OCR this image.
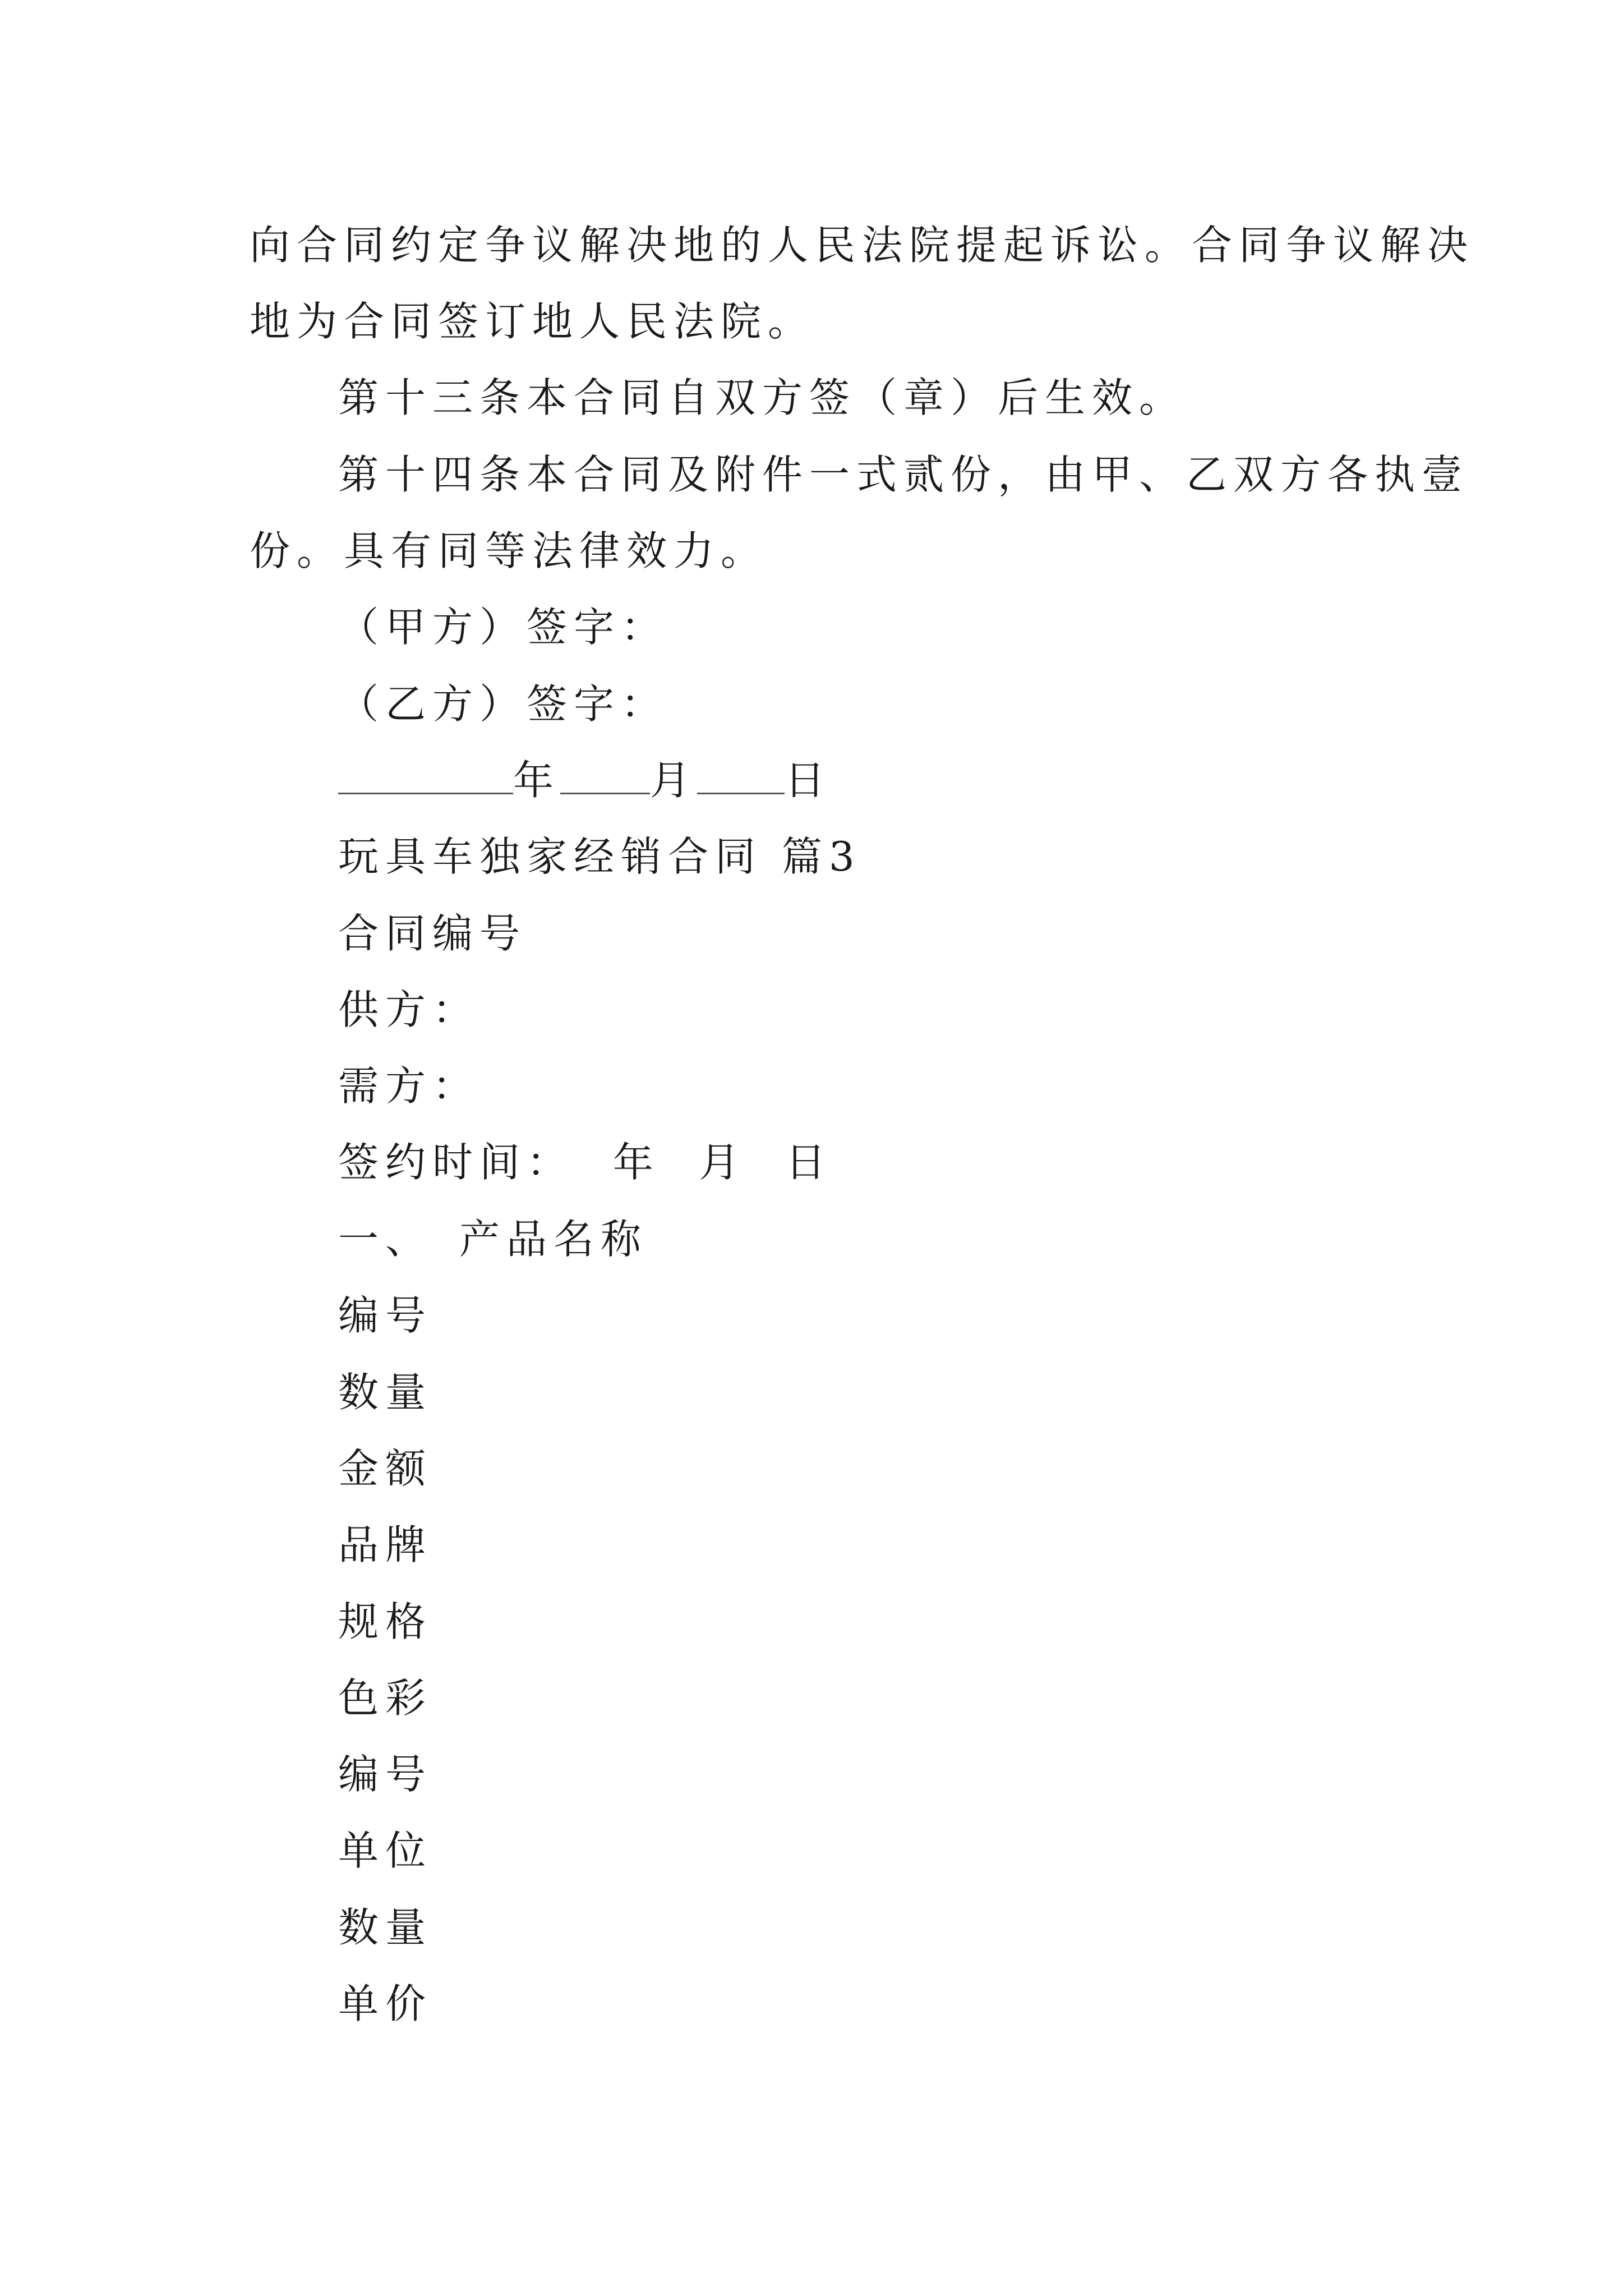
向合同约定争议解决地的人民法院提起诉讼。合同争议解决
地为合同签订地人民法院。
第十三条本合同自双方签（章）后生效。
第十四条本合同及附件一式贰份，由甲、乙双方各执壹
份。具有同等法律效力。
（甲方）签字：
（乙方）签字：
年 月 日
玩具车独家经销合同 篇3
合同编号
供方：
需方：
签约时间：  年  月  日
一、 产品名称
编号
数量
金额
品牌
规格
色彩
编号
单位
数量
单价
